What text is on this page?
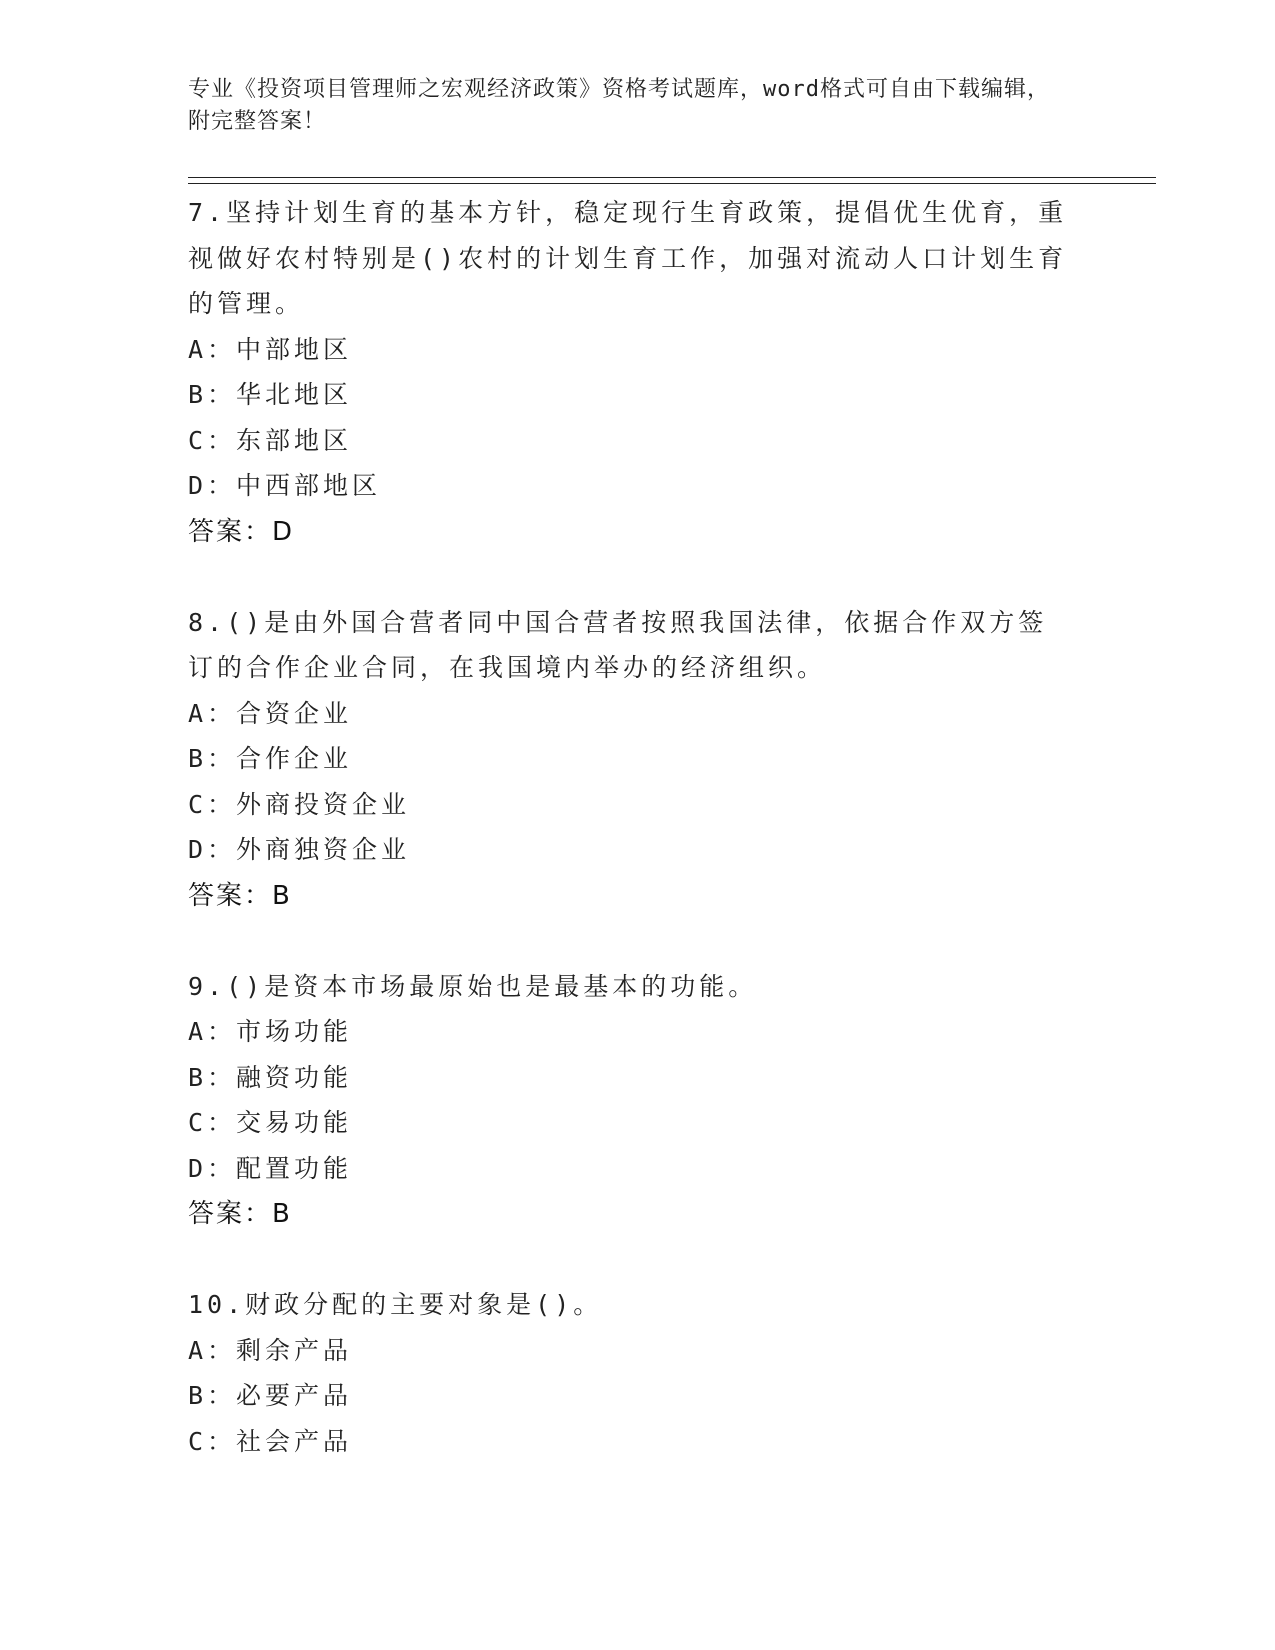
专业《投资项目管理师之宏观经济政策》资格考试题库，word格式可自由下载编辑，附完整答案！
7.坚持计划生育的基本方针，稳定现行生育政策，提倡优生优育，重视做好农村特别是()农村的计划生育工作，加强对流动人口计划生育的管理。
A：中部地区
B：华北地区
C：东部地区
D：中西部地区
答案：D
8.()是由外国合营者同中国合营者按照我国法律，依据合作双方签订的合作企业合同，在我国境内举办的经济组织。
A：合资企业
B：合作企业
C：外商投资企业
D：外商独资企业
答案：B
9.()是资本市场最原始也是最基本的功能。
A：市场功能
B：融资功能
C：交易功能
D：配置功能
答案：B
10.财政分配的主要对象是()。
A：剩余产品
B：必要产品
C：社会产品
